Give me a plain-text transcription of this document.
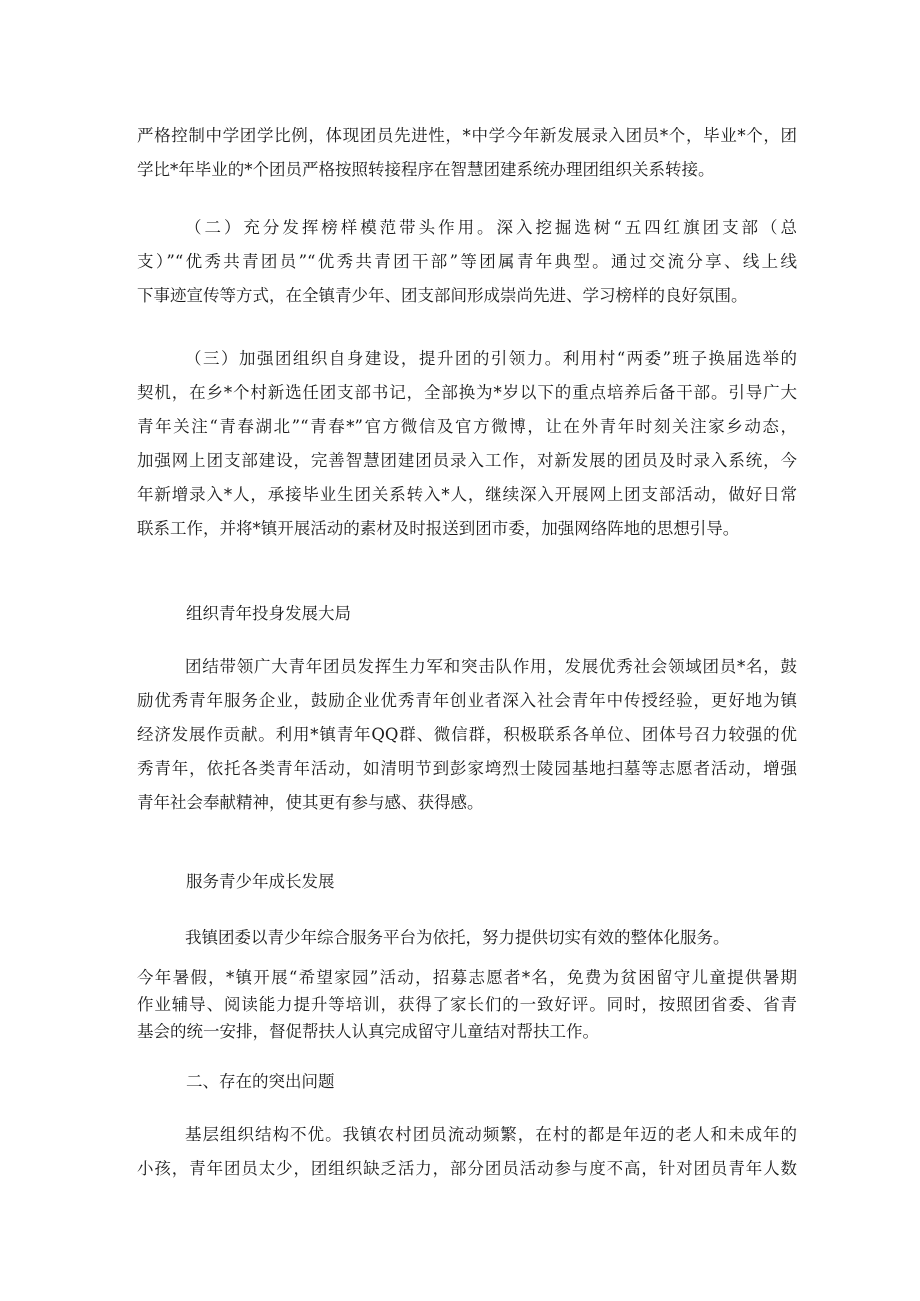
严格控制中学团学比例，体现团员先进性，*中学今年新发展录入团员*个，毕业*个，团
学比*年毕业的*个团员严格按照转接程序在智慧团建系统办理团组织关系转接。
（二）充分发挥榜样模范带头作用。深入挖掘选树“五四红旗团支部（总
支）”“优秀共青团员”“优秀共青团干部”等团属青年典型。通过交流分享、线上线
下事迹宣传等方式，在全镇青少年、团支部间形成崇尚先进、学习榜样的良好氛围。
（三）加强团组织自身建设，提升团的引领力。利用村“两委”班子换届选举的
契机，在乡*个村新选任团支部书记，全部换为*岁以下的重点培养后备干部。引导广大
青年关注“青春湖北”“青春*”官方微信及官方微博，让在外青年时刻关注家乡动态，
加强网上团支部建设，完善智慧团建团员录入工作，对新发展的团员及时录入系统，今
年新增录入*人，承接毕业生团关系转入*人，继续深入开展网上团支部活动，做好日常
联系工作，并将*镇开展活动的素材及时报送到团市委，加强网络阵地的思想引导。
组织青年投身发展大局
团结带领广大青年团员发挥生力军和突击队作用，发展优秀社会领域团员*名，鼓
励优秀青年服务企业，鼓励企业优秀青年创业者深入社会青年中传授经验，更好地为镇
经济发展作贡献。利用*镇青年QQ群、微信群，积极联系各单位、团体号召力较强的优
秀青年，依托各类青年活动，如清明节到彭家塆烈士陵园基地扫墓等志愿者活动，增强
青年社会奉献精神，使其更有参与感、获得感。
服务青少年成长发展
我镇团委以青少年综合服务平台为依托，努力提供切实有效的整体化服务。
今年暑假，*镇开展“希望家园”活动，招募志愿者*名，免费为贫困留守儿童提供暑期
作业辅导、阅读能力提升等培训，获得了家长们的一致好评。同时，按照团省委、省青
基会的统一安排，督促帮扶人认真完成留守儿童结对帮扶工作。
二、存在的突出问题
基层组织结构不优。我镇农村团员流动频繁，在村的都是年迈的老人和未成年的
小孩，青年团员太少，团组织缺乏活力，部分团员活动参与度不高，针对团员青年人数
